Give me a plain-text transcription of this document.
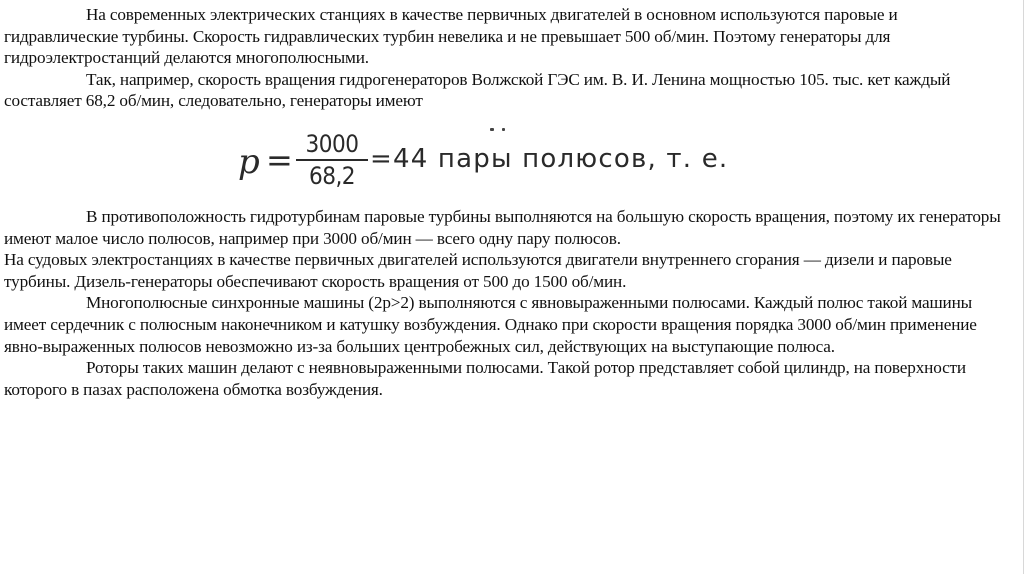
На современных электрических станциях в качестве первичных двигателей в основном используются паровые и гидравлические турбины. Скорость гидравлических турбин невелика и не превышает 500 об/мин. Поэтому генераторы для гидроэлектростанций делаются многополюсными.

Так, например, скорость вращения гидрогенераторов Волжской ГЭС им. В. И. Ленина мощностью 105. тыс. кет каждый составляет 68,2 об/мин, следовательно, генераторы имеют

p = 3000
68,2
=44 пары полюсов, т. е.

В противоположность гидротурбинам паровые турбины выполняются на большую скорость вращения, поэтому их генераторы имеют малое число полюсов, например при 3000 об/мин — всего одну пару полюсов.

На судовых электростанциях в качестве первичных двигателей используются двигатели внутреннего сгорания — дизели и паровые турбины. Дизель-генераторы обеспечивают скорость вращения от 500 до 1500 об/мин.

Многополюсные синхронные машины (2р>2) выполняются с явновыраженными полюсами. Каждый полюс такой машины имеет сердечник с полюсным наконечником и катушку возбуждения. Однако при скорости вращения порядка 3000 об/мин применение явно-выраженных полюсов невозможно из-за больших центробежных сил, действующих на выступающие полюса.

Роторы таких машин делают с неявновыраженными полюсами. Такой ротор представляет собой цилиндр, на поверхности которого в пазах расположена обмотка возбуждения.
